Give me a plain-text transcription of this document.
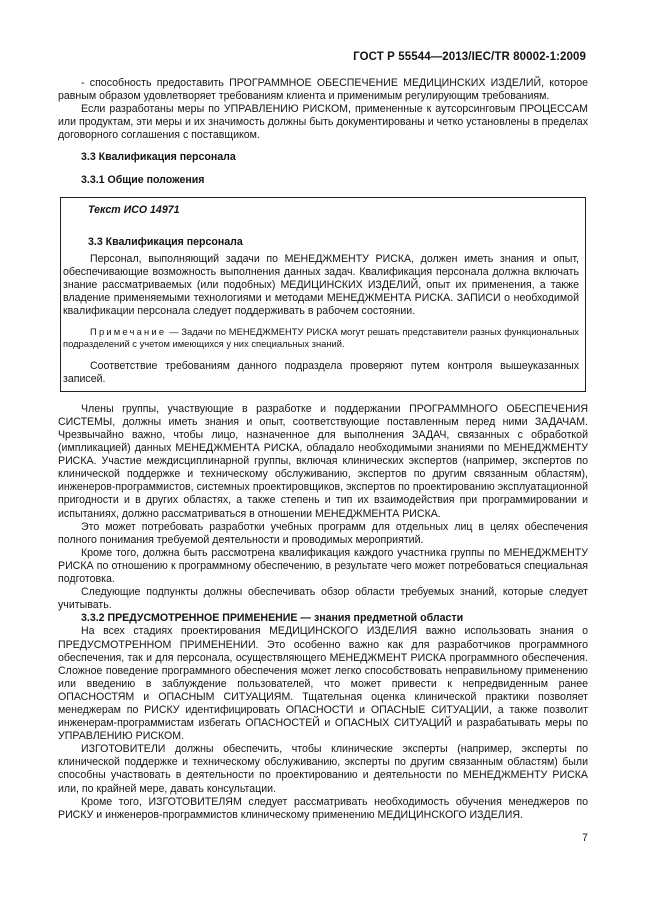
ГОСТ Р 55544—2013/IEC/TR 80002-1:2009

- способность предоставить ПРОГРАММНОЕ ОБЕСПЕЧЕНИЕ МЕДИЦИНСКИХ ИЗДЕЛИЙ, которое равным образом удовлетворяет требованиям клиента и применимым регулирующим требованиям.

Если разработаны меры по УПРАВЛЕНИЮ РИСКОМ, примененные к аутсорсинговым ПРОЦЕССАМ или продуктам, эти меры и их значимость должны быть документированы и четко установлены в пределах договорного соглашения с поставщиком.

3.3 Квалификация персонала
3.3.1 Общие положения
Текст ИСО 14971
3.3 Квалификация персонала

Персонал, выполняющий задачи по МЕНЕДЖМЕНТУ РИСКА, должен иметь знания и опыт, обеспечивающие возможность выполнения данных задач. Квалификация персонала должна включать знание рассматриваемых (или подобных) МЕДИЦИНСКИХ ИЗДЕЛИЙ, опыт их применения, а также владение применяемыми технологиями и методами МЕНЕДЖМЕНТА РИСКА. ЗАПИСИ о необходимой квалификации персонала следует поддерживать в рабочем состоянии.

Примечание — Задачи по МЕНЕДЖМЕНТУ РИСКА могут решать представители разных функциональных подразделений с учетом имеющихся у них специальных знаний.

Соответствие требованиям данного подраздела проверяют путем контроля вышеуказанных записей.

Члены группы, участвующие в разработке и поддержании ПРОГРАММНОГО ОБЕСПЕЧЕНИЯ СИСТЕМЫ, должны иметь знания и опыт, соответствующие поставленным перед ними ЗАДАЧАМ. Чрезвычайно важно, чтобы лицо, назначенное для выполнения ЗАДАЧ, связанных с обработкой (импликацией) данных МЕНЕДЖМЕНТА РИСКА, обладало необходимыми знаниями по МЕНЕДЖМЕНТУ РИСКА. Участие междисциплинарной группы, включая клинических экспертов (например, экспертов по клинической поддержке и техническому обслуживанию, экспертов по другим связанным областям), инженеров-программистов, системных проектировщиков, экспертов по проектированию эксплуатационной пригодности и в других областях, а также степень и тип их взаимодействия при программировании и испытаниях, должно рассматриваться в отношении МЕНЕДЖМЕНТА РИСКА.

Это может потребовать разработки учебных программ для отдельных лиц в целях обеспечения полного понимания требуемой деятельности и проводимых мероприятий.

Кроме того, должна быть рассмотрена квалификация каждого участника группы по МЕНЕДЖМЕНТУ РИСКА по отношению к программному обеспечению, в результате чего может потребоваться специальная подготовка.

Следующие подпункты должны обеспечивать обзор области требуемых знаний, которые следует учитывать.

3.3.2 ПРЕДУСМОТРЕННОЕ ПРИМЕНЕНИЕ — знания предметной области

На всех стадиях проектирования МЕДИЦИНСКОГО ИЗДЕЛИЯ важно использовать знания о ПРЕДУСМОТРЕННОМ ПРИМЕНЕНИИ. Это особенно важно как для разработчиков программного обеспечения, так и для персонала, осуществляющего МЕНЕДЖМЕНТ РИСКА программного обеспечения. Сложное поведение программного обеспечения может легко способствовать неправильному применению или введению в заблуждение пользователей, что может привести к непредвиденным ранее ОПАСНОСТЯМ и ОПАСНЫМ СИТУАЦИЯМ. Тщательная оценка клинической практики позволяет менеджерам по РИСКУ идентифицировать ОПАСНОСТИ и ОПАСНЫЕ СИТУАЦИИ, а также позволит инженерам-программистам избегать ОПАСНОСТЕЙ и ОПАСНЫХ СИТУАЦИЙ и разрабатывать меры по УПРАВЛЕНИЮ РИСКОМ.

ИЗГОТОВИТЕЛИ должны обеспечить, чтобы клинические эксперты (например, эксперты по клинической поддержке и техническому обслуживанию, эксперты по другим связанным областям) были способны участвовать в деятельности по проектированию и деятельности по МЕНЕДЖМЕНТУ РИСКА или, по крайней мере, давать консультации.

Кроме того, ИЗГОТОВИТЕЛЯМ следует рассматривать необходимость обучения менеджеров по РИСКУ и инженеров-программистов клиническому применению МЕДИЦИНСКОГО ИЗДЕЛИЯ.

7
